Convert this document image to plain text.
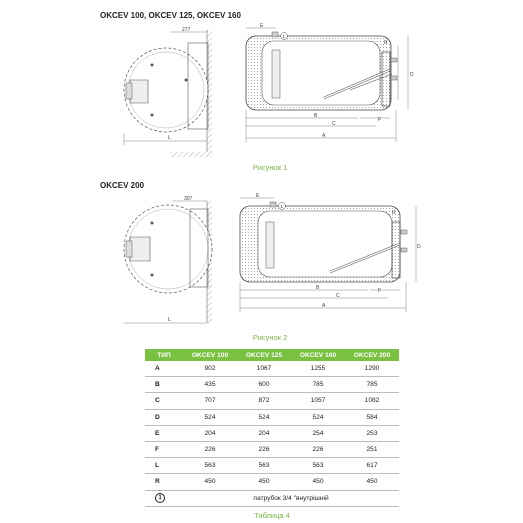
OKCEV 100, OKCEV 125, OKCEV 160
277
L
1
E
R
D
B
C
F
A
Рисунок 1
OKCEV 200
307
L
1
E
R
D
B
C
F
A
Рисунок 2
ТИП	OKCEV 100	OKCEV 125	OKCEV 160	OKCEV 200
A	902	1067	1255	1290
B	435	600	785	785
C	707	872	1057	1082
D	524	524	524	584
E	204	204	254	253
F	226	226	226	251
L	563	563	563	617
R	450	450	450	450
1	патрубок 3/4 "внутрішній			
Таблица 4
